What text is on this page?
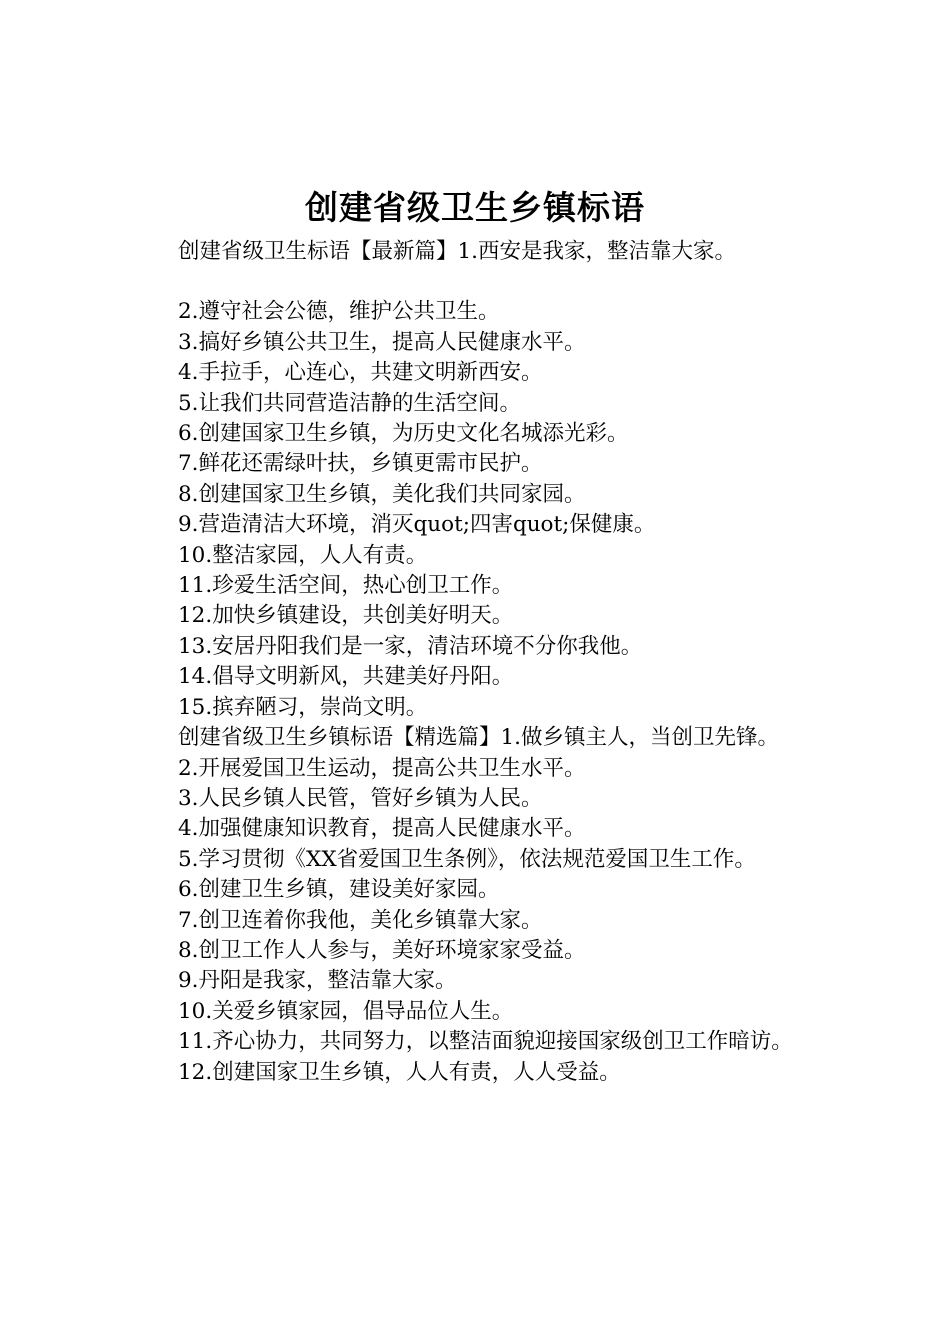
创建省级卫生乡镇标语

创建省级卫生标语【最新篇】1.西安是我家，整洁靠大家。

2.遵守社会公德，维护公共卫生。

3.搞好乡镇公共卫生，提高人民健康水平。

4.手拉手，心连心，共建文明新西安。

5.让我们共同营造洁静的生活空间。

6.创建国家卫生乡镇，为历史文化名城添光彩。

7.鲜花还需绿叶扶，乡镇更需市民护。

8.创建国家卫生乡镇，美化我们共同家园。

9.营造清洁大环境，消灭quot;四害quot;保健康。

10.整洁家园，人人有责。

11.珍爱生活空间，热心创卫工作。

12.加快乡镇建设，共创美好明天。

13.安居丹阳我们是一家，清洁环境不分你我他。

14.倡导文明新风，共建美好丹阳。

15.摈弃陋习，崇尚文明。

创建省级卫生乡镇标语【精选篇】1.做乡镇主人，当创卫先锋。

2.开展爱国卫生运动，提高公共卫生水平。

3.人民乡镇人民管，管好乡镇为人民。

4.加强健康知识教育，提高人民健康水平。

5.学习贯彻《XX省爱国卫生条例》，依法规范爱国卫生工作。

6.创建卫生乡镇，建设美好家园。

7.创卫连着你我他，美化乡镇靠大家。

8.创卫工作人人参与，美好环境家家受益。

9.丹阳是我家，整洁靠大家。

10.关爱乡镇家园，倡导品位人生。

11.齐心协力，共同努力，以整洁面貌迎接国家级创卫工作暗访。

12.创建国家卫生乡镇，人人有责，人人受益。
